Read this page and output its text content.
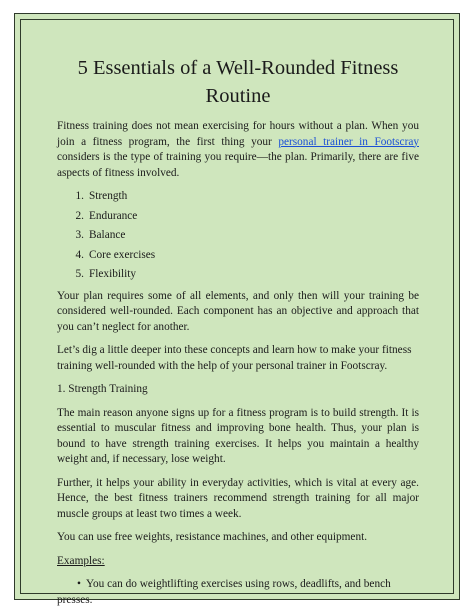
5 Essentials of a Well-Rounded Fitness Routine

Fitness training does not mean exercising for hours without a plan. When you join a fitness program, the first thing your personal trainer in Footscray considers is the type of training you require—the plan. Primarily, there are five aspects of fitness involved.

1. Strength
2. Endurance
3. Balance
4. Core exercises
5. Flexibility

Your plan requires some of all elements, and only then will your training be considered well-rounded. Each component has an objective and approach that you can’t neglect for another.

Let’s dig a little deeper into these concepts and learn how to make your fitness training well-rounded with the help of your personal trainer in Footscray.

1. Strength Training

The main reason anyone signs up for a fitness program is to build strength. It is essential to muscular fitness and improving bone health. Thus, your plan is bound to have strength training exercises. It helps you maintain a healthy weight and, if necessary, lose weight.

Further, it helps your ability in everyday activities, which is vital at every age. Hence, the best fitness trainers recommend strength training for all major muscle groups at least two times a week.

You can use free weights, resistance machines, and other equipment.

Examples:
• You can do weightlifting exercises using rows, deadlifts, and bench presses.
